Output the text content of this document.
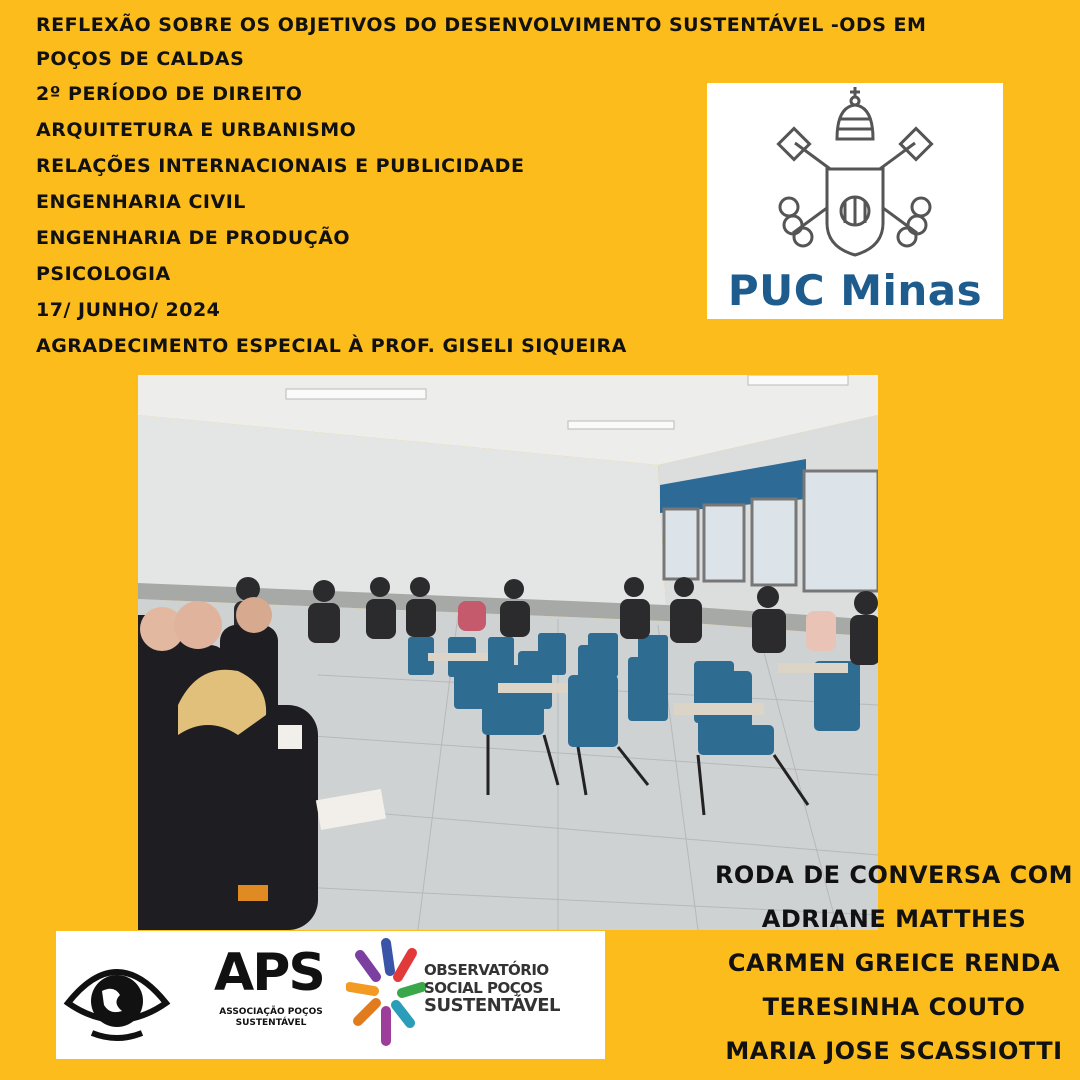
REFLEXÃO SOBRE OS OBJETIVOS DO DESENVOLVIMENTO SUSTENTÁVEL -ODS EM POÇOS DE CALDAS
2º PERÍODO DE DIREITO
ARQUITETURA E URBANISMO
RELAÇÕES INTERNACIONAIS E PUBLICIDADE
ENGENHARIA CIVIL
ENGENHARIA DE PRODUÇÃO
PSICOLOGIA
17/ JUNHO/ 2024
AGRADECIMENTO ESPECIAL À PROF. GISELI SIQUEIRA
PUC Minas
APS
ASSOCIAÇÃO POÇOS
SUSTENTÁVEL
OBSERVATÓRIO
SOCIAL POÇOS
SUSTENTÁVEL
RODA DE CONVERSA COM
ADRIANE MATTHES
CARMEN GREICE RENDA
TERESINHA COUTO
MARIA JOSE SCASSIOTTI
